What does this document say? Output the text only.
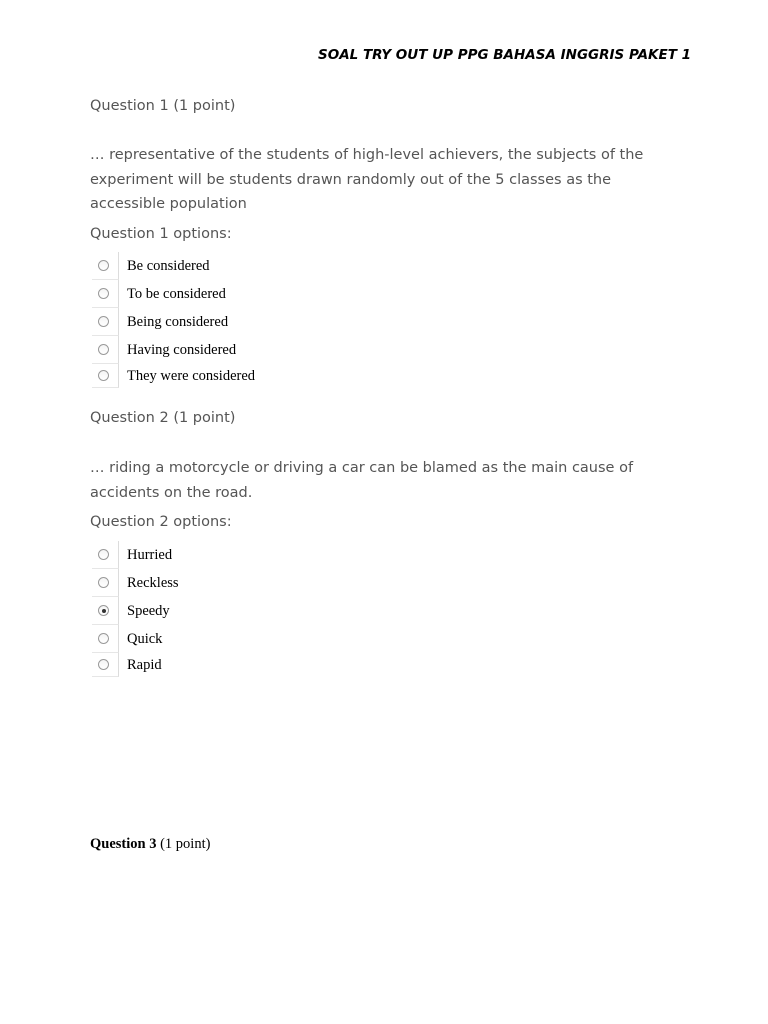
SOAL TRY OUT UP PPG BAHASA INGGRIS PAKET 1
Question 1 (1 point)
… representative of the students of high-level achievers, the subjects of the experiment will be students drawn randomly out of the 5 classes as the accessible population
Question 1 options:
Be considered
To be considered
Being considered
Having considered
They were considered
Question 2 (1 point)
… riding a motorcycle or driving a car can be blamed as the main cause of accidents on the road.
Question 2 options:
Hurried
Reckless
Speedy
Quick
Rapid
Question 3 (1 point)
